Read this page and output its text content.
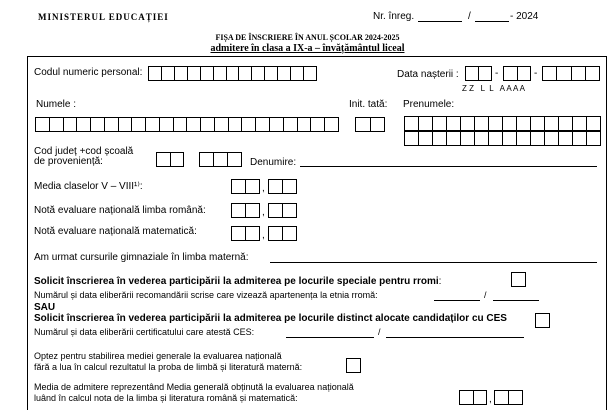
MINISTERUL EDUCAȚIEI	Nr. înreg.	/	- 2024
FIȘA DE ÎNSCRIERE ÎN ANUL ȘCOLAR 2024-2025
admitere în clasa a IX-a – învățământul liceal
Codul numeric personal:	Data nașterii :	-	-
Z Z   L  L   A A A A
Numele :	Init. tată: Prenumele:
Cod județ +cod școală
de proveniență:	Denumire:
Media claselor V – VIII¹⁾:	,
Notă evaluare națională limba română:	,
Notă evaluare națională matematică:	,
Am urmat cursurile gimnaziale în limba maternă:
Solicit înscrierea în vederea participării la admiterea pe locurile speciale pentru rromi:
Numărul și data eliberării recomandării scrise care vizează apartenența la etnia rromă:	/
SAU
Solicit înscrierea în vederea participării la admiterea pe locurile distinct alocate candidaților cu CES
Numărul și data eliberării certificatului care atestă CES:	/
Optez pentru stabilirea mediei generale la evaluarea națională
fără a lua în calcul rezultatul la proba de limbă și literatură maternă:
Media de admitere reprezentând Media generală obținută la evaluarea națională
luând în calcul nota de la limba și literatura română și matematică:	,
